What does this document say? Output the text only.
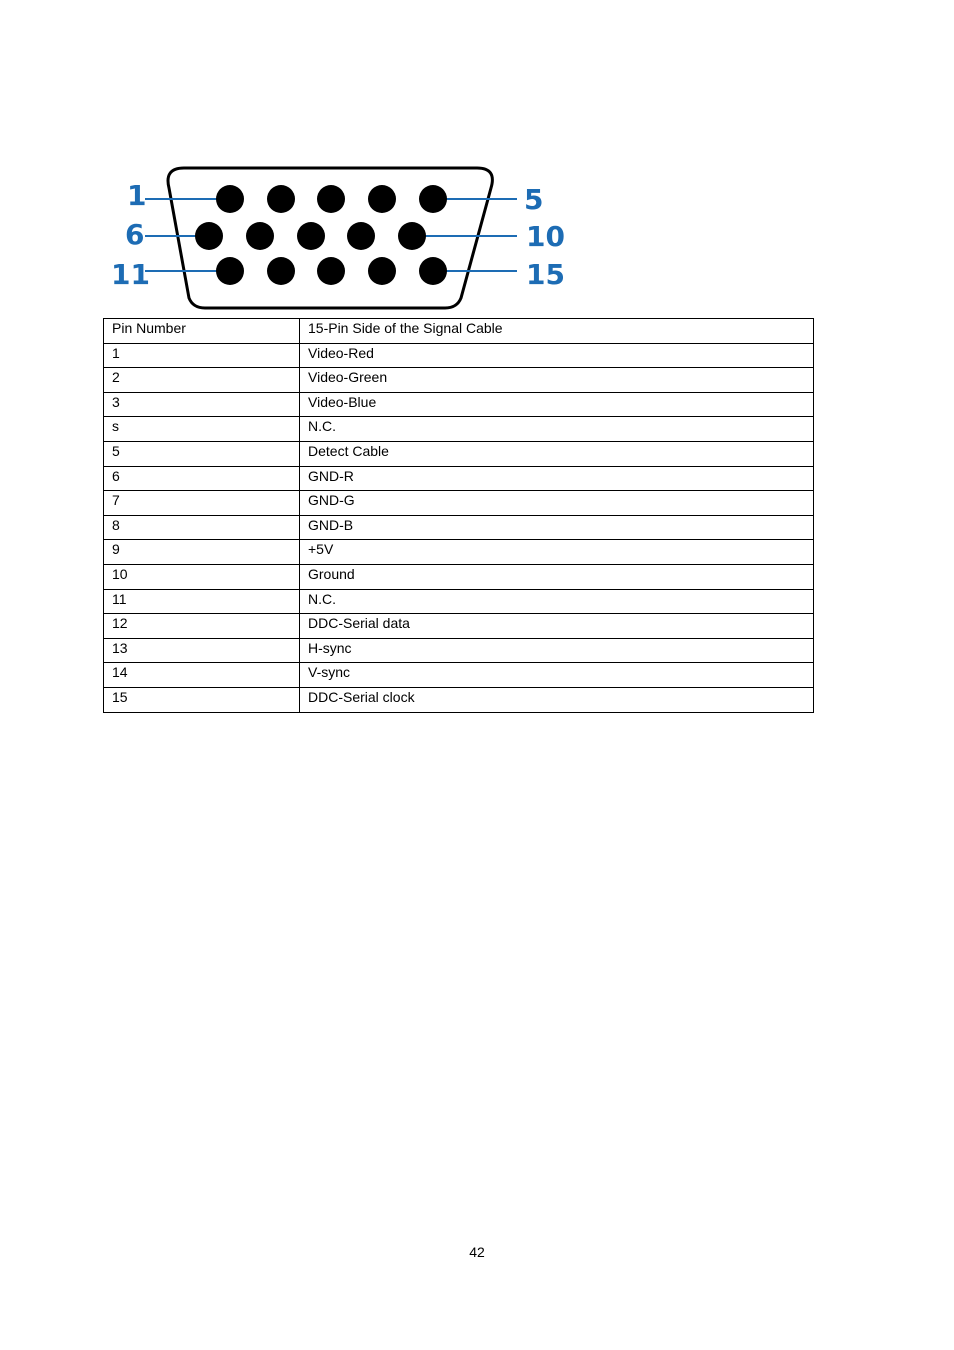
1	5
6	10
11	15
Pin Number	15-Pin Side of the Signal Cable
1	Video-Red
2	Video-Green
3	Video-Blue
s	N.C.
5	Detect Cable
6	GND-R
7	GND-G
8	GND-B
9	+5V
10	Ground
11	N.C.
12	DDC-Serial data
13	H-sync
14	V-sync
15	DDC-Serial clock
42
